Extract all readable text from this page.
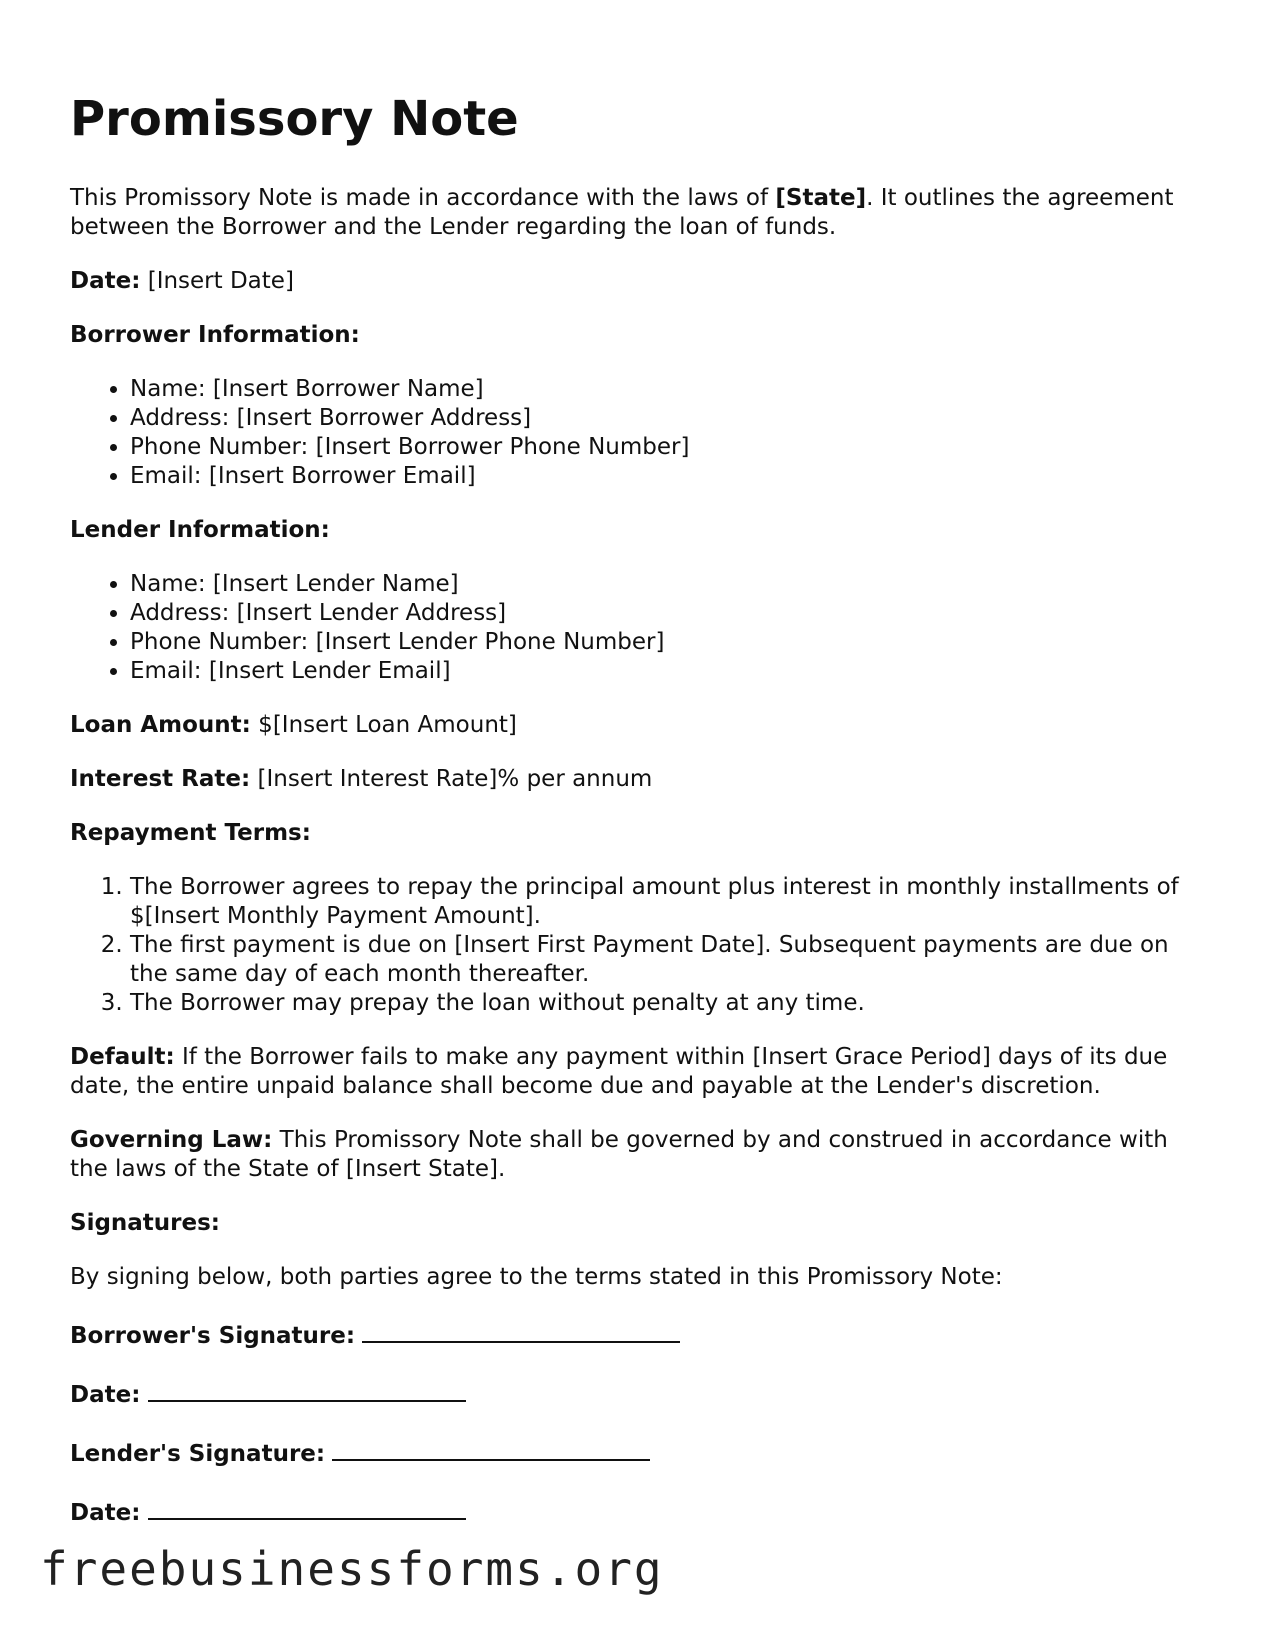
Promissory Note

This Promissory Note is made in accordance with the laws of [State]. It outlines the agreement between the Borrower and the Lender regarding the loan of funds.

Date: [Insert Date]

Borrower Information:

• Name: [Insert Borrower Name]
• Address: [Insert Borrower Address]
• Phone Number: [Insert Borrower Phone Number]
• Email: [Insert Borrower Email]

Lender Information:

• Name: [Insert Lender Name]
• Address: [Insert Lender Address]
• Phone Number: [Insert Lender Phone Number]
• Email: [Insert Lender Email]

Loan Amount: $[Insert Loan Amount]

Interest Rate: [Insert Interest Rate]% per annum

Repayment Terms:

1. The Borrower agrees to repay the principal amount plus interest in monthly installments of $[Insert Monthly Payment Amount].
2. The first payment is due on [Insert First Payment Date]. Subsequent payments are due on the same day of each month thereafter.
3. The Borrower may prepay the loan without penalty at any time.

Default: If the Borrower fails to make any payment within [Insert Grace Period] days of its due date, the entire unpaid balance shall become due and payable at the Lender's discretion.

Governing Law: This Promissory Note shall be governed by and construed in accordance with the laws of the State of [Insert State].

Signatures:

By signing below, both parties agree to the terms stated in this Promissory Note:

Borrower's Signature:

Date:

Lender's Signature:

Date:

freebusinessforms.org
